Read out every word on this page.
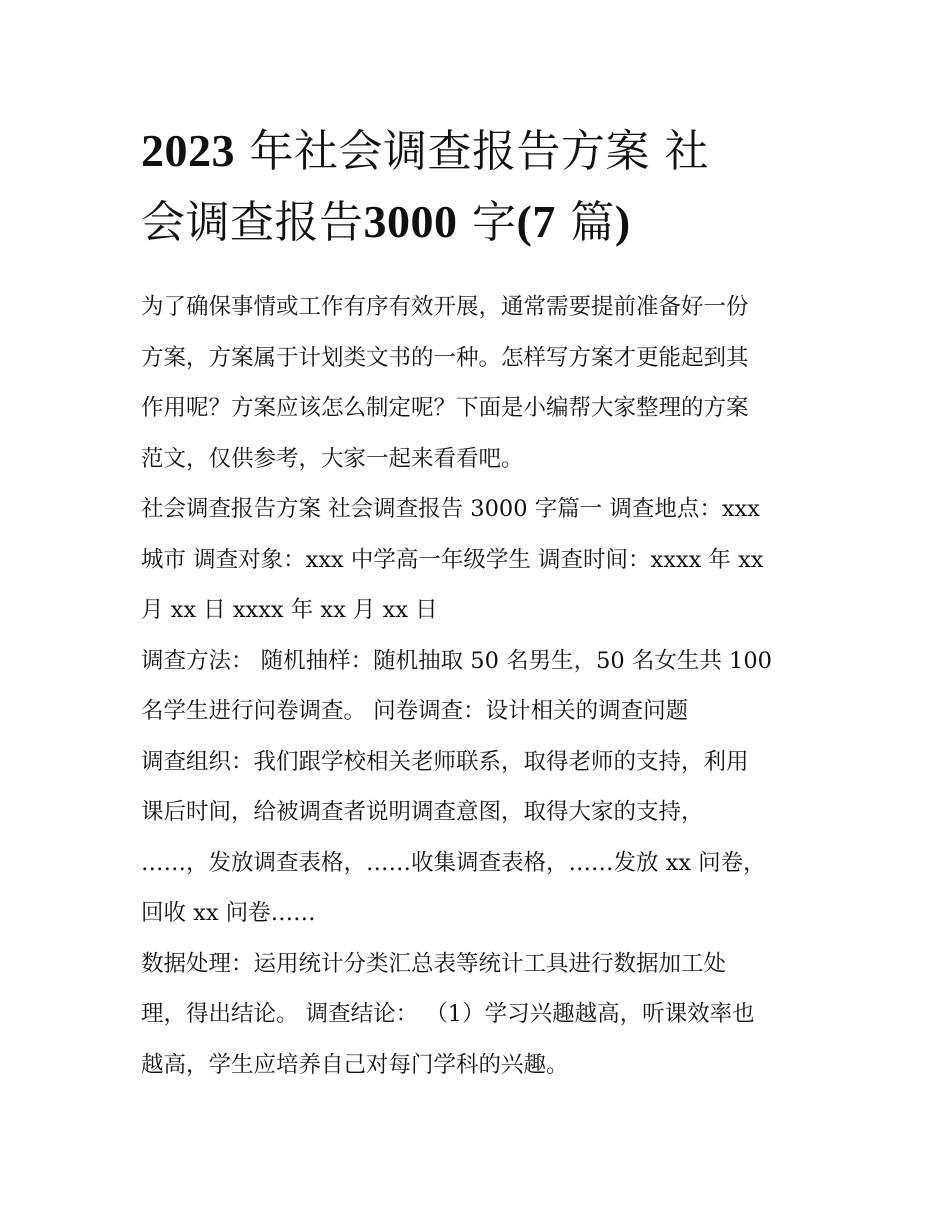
2023 年社会调查报告方案 社
会调查报告3000 字(7 篇)

为了确保事情或工作有序有效开展，通常需要提前准备好一份
方案，方案属于计划类文书的一种。怎样写方案才更能起到其
作用呢？方案应该怎么制定呢？下面是小编帮大家整理的方案
范文，仅供参考，大家一起来看看吧。

社会调查报告方案 社会调查报告 3000 字篇一 调查地点：xxx
城市 调查对象：xxx 中学高一年级学生 调查时间：xxxx 年 xx
月 xx 日 xxxx 年 xx 月 xx 日

调查方法： 随机抽样：随机抽取 50 名男生，50 名女生共 100
名学生进行问卷调查。 问卷调查：设计相关的调查问题

调查组织：我们跟学校相关老师联系，取得老师的支持，利用
课后时间，给被调查者说明调查意图，取得大家的支持，
……，发放调查表格，……收集调查表格，……发放 xx 问卷，
回收 xx 问卷……

数据处理：运用统计分类汇总表等统计工具进行数据加工处
理，得出结论。 调查结论： （1）学习兴趣越高，听课效率也
越高，学生应培养自己对每门学科的兴趣。
